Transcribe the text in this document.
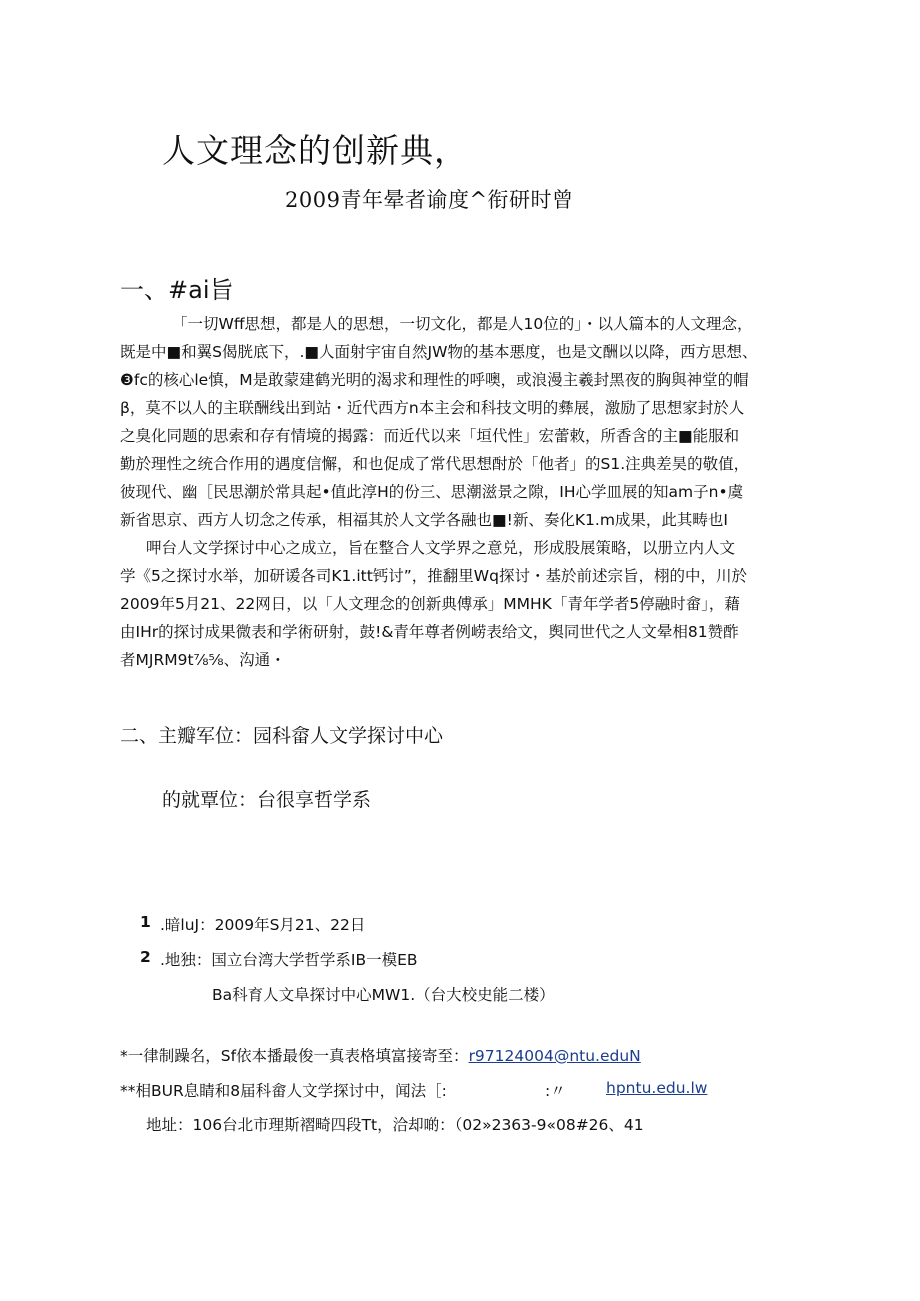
人文理念的创新典，
2009青年晕者谕度^衔研时曾
一、#ai旨
「一切Wff思想，都是人的思想，一切文化，都是人10位的」・以人篇本的人文理念，
既是中■和翼S偈胱底下，.■人面射宇宙自然JW物的基本悪度，也是文酬以以降，西方思想、
❸fc的核心le慎，M是敢蒙建鹤光明的渴求和理性的呼噢，或浪漫主羲封黑夜的胸與神堂的帽
β，莫不以人的主联酬线出到站・近代西方n本主会和科技文明的彝展，激励了思想家封於人
之臭化同题的思索和存有情境的揭露：而近代以来「垣代性」宏蕾敕，所香含的主■能服和
勤於理性之统合作用的遇度信懈，和也促成了常代思想酎於「他者」的S1.注典差昊的敬值，
彼现代、幽［民思潮於常具起•值此淳H的份三、思潮滋景之隙，IH心学皿展的知am子n•虞
新省思京、西方人切念之传承，相福其於人文学各融也■!新、奏化K1.m成果，此其畴也I
呷台人文学探讨中心之成立，旨在整合人文学界之意兑，形成股展策略，以册立内人文
学《5之探讨水举，加研谖各司K1.itt钙讨”，推翻里Wq探讨・基於前述宗旨，栩的中，川於
2009年5月21、22网日，以「人文理念的创新典傅承」MMHK「青年学者5停融时畲」，藉
由IHr的探讨成果微表和学術研射，鼓!&青年尊者例崂表给文，舆同世代之人文晕相81赞酢
者MJRM9t⅞⅝、沟通・
二、主瓣军位：园科畲人文学探讨中心
的就覃位：台很享哲学系
1 .暗luJ：2009年S月21、22日
2 .地独：国立台湾大学哲学系IB一模EB
Ba科育人文阜探讨中心MW1.（台大校史能二楼）
*一律制躁名，Sf依本播最俊一真表格填富接寄至：r97124004@ntu.eduN
**相BUR息睛和8届科畲人文学探讨中，闻法［:	:〃	hpntu.edu.lw
地址：106台北市理斯褶畸四段Tt，洽却啲：（02»2363-9«08#26、41
